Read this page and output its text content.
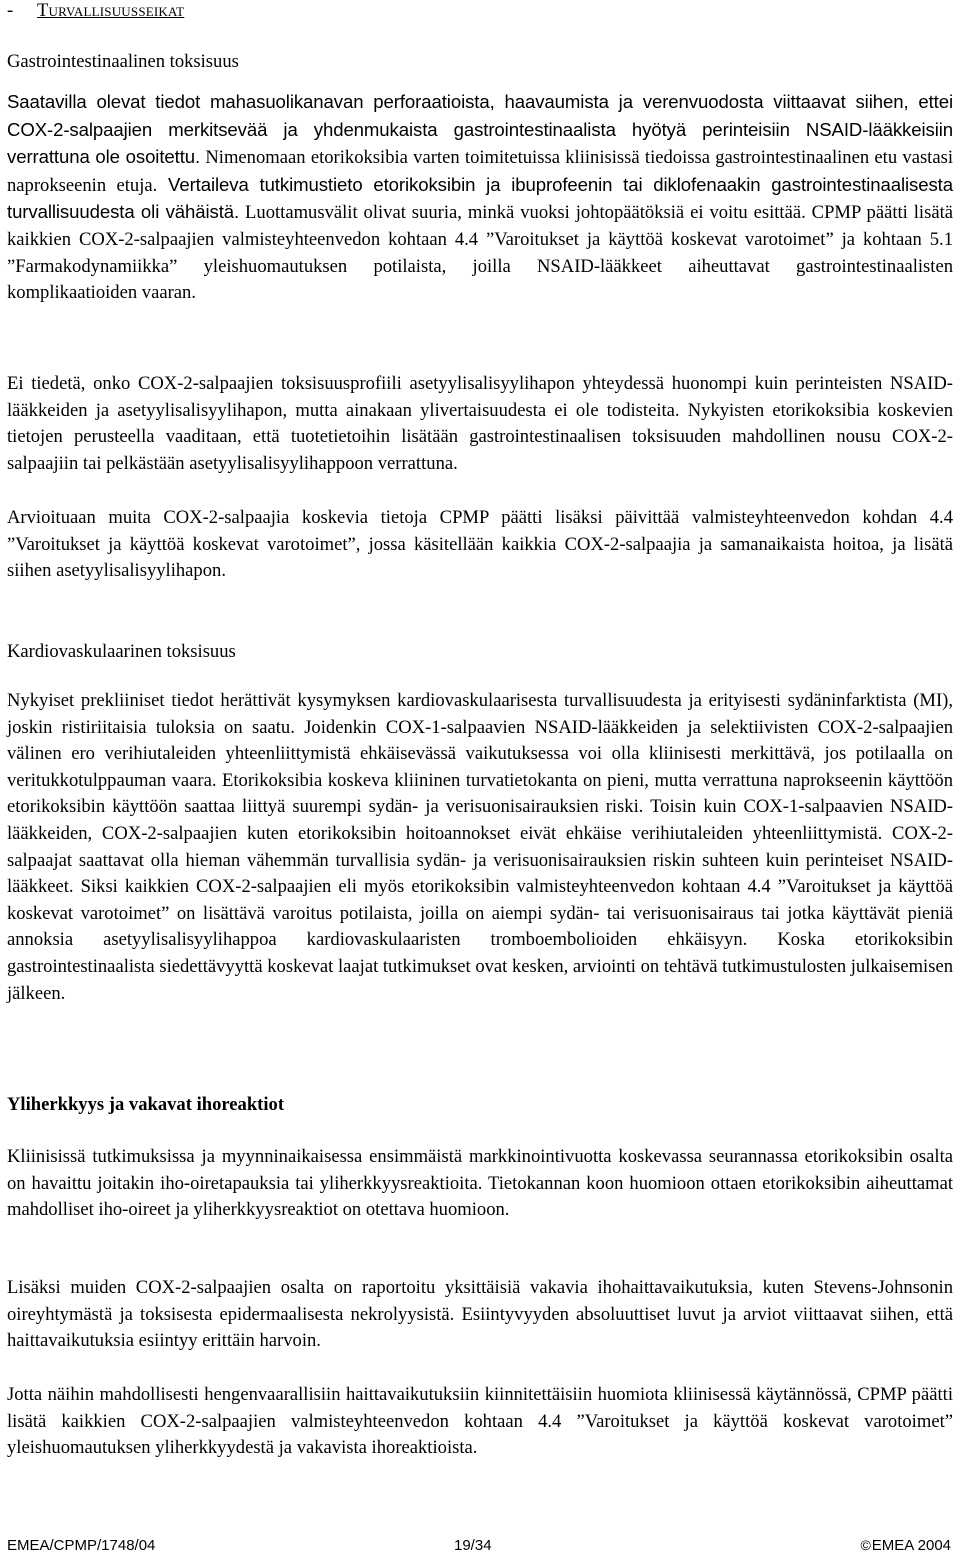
- Turvallisuusseikat
Gastrointestinaalinen toksisuus

Saatavilla olevat tiedot mahasuolikanavan perforaatioista, haavaumista ja verenvuodosta viittaavat siihen, ettei COX-2-salpaajien merkitsevää ja yhdenmukaista gastrointestinaalista hyötyä perinteisiin NSAID-lääkkeisiin verrattuna ole osoitettu. Nimenomaan etorikoksibia varten toimitetuissa kliinisissä tiedoissa gastrointestinaalinen etu vastasi naprokseenin etuja. Vertaileva tutkimustieto etorikoksibin ja ibuprofeenin tai diklofenaakin gastrointestinaalisesta turvallisuudesta oli vähäistä. Luottamusvälit olivat suuria, minkä vuoksi johtopäätöksiä ei voitu esittää. CPMP päätti lisätä kaikkien COX-2-salpaajien valmisteyhteenvedon kohtaan 4.4 ”Varoitukset ja käyttöä koskevat varotoimet” ja kohtaan 5.1 ”Farmakodynamiikka” yleishuomautuksen potilaista, joilla NSAID-lääkkeet aiheuttavat gastrointestinaalisten komplikaatioiden vaaran.

Ei tiedetä, onko COX-2-salpaajien toksisuusprofiili asetyylisalisyylihapon yhteydessä huonompi kuin perinteisten NSAID-lääkkeiden ja asetyylisalisyylihapon, mutta ainakaan ylivertaisuudesta ei ole todisteita. Nykyisten etorikoksibia koskevien tietojen perusteella vaaditaan, että tuotetietoihin lisätään gastrointestinaalisen toksisuuden mahdollinen nousu COX-2-salpaajiin tai pelkästään asetyylisalisyylihappoon verrattuna.

Arvioituaan muita COX-2-salpaajia koskevia tietoja CPMP päätti lisäksi päivittää valmisteyhteenvedon kohdan 4.4 ”Varoitukset ja käyttöä koskevat varotoimet”, jossa käsitellään kaikkia COX-2-salpaajia ja samanaikaista hoitoa, ja lisätä siihen asetyylisalisyylihapon.

Kardiovaskulaarinen toksisuus

Nykyiset prekliiniset tiedot herättivät kysymyksen kardiovaskulaarisesta turvallisuudesta ja erityisesti sydäninfarktista (MI), joskin ristiriitaisia tuloksia on saatu. Joidenkin COX-1-salpaavien NSAID-lääkkeiden ja selektiivisten COX-2-salpaajien välinen ero verihiutaleiden yhteenliittymistä ehkäisevässä vaikutuksessa voi olla kliinisesti merkittävä, jos potilaalla on veritukkotulppauman vaara. Etorikoksibia koskeva kliininen turvatietokanta on pieni, mutta verrattuna naprokseenin käyttöön etorikoksibin käyttöön saattaa liittyä suurempi sydän- ja verisuonisairauksien riski. Toisin kuin COX-1-salpaavien NSAID-lääkkeiden, COX-2-salpaajien kuten etorikoksibin hoitoannokset eivät ehkäise verihiutaleiden yhteenliittymistä. COX-2-salpaajat saattavat olla hieman vähemmän turvallisia sydän- ja verisuonisairauksien riskin suhteen kuin perinteiset NSAID-lääkkeet. Siksi kaikkien COX-2-salpaajien eli myös etorikoksibin valmisteyhteenvedon kohtaan 4.4 ”Varoitukset ja käyttöä koskevat varotoimet” on lisättävä varoitus potilaista, joilla on aiempi sydän- tai verisuonisairaus tai jotka käyttävät pieniä annoksia asetyylisalisyylihappoa kardiovaskulaaristen tromboembolioiden ehkäisyyn. Koska etorikoksibin gastrointestinaalista siedettävyyttä koskevat laajat tutkimukset ovat kesken, arviointi on tehtävä tutkimustulosten julkaisemisen jälkeen.

Yliherkkyys ja vakavat ihoreaktiot

Kliinisissä tutkimuksissa ja myynninaikaisessa ensimmäistä markkinointivuotta koskevassa seurannassa etorikoksibin osalta on havaittu joitakin iho-oiretapauksia tai yliherkkyysreaktioita. Tietokannan koon huomioon ottaen etorikoksibin aiheuttamat mahdolliset iho-oireet ja yliherkkyysreaktiot on otettava huomioon.

Lisäksi muiden COX-2-salpaajien osalta on raportoitu yksittäisiä vakavia ihohaittavaikutuksia, kuten Stevens-Johnsonin oireyhtymästä ja toksisesta epidermaalisesta nekrolyysistä. Esiintyvyyden absoluuttiset luvut ja arviot viittaavat siihen, että haittavaikutuksia esiintyy erittäin harvoin.

Jotta näihin mahdollisesti hengenvaarallisiin haittavaikutuksiin kiinnitettäisiin huomiota kliinisessä käytännössä, CPMP päätti lisätä kaikkien COX-2-salpaajien valmisteyhteenvedon kohtaan 4.4 ”Varoitukset ja käyttöä koskevat varotoimet” yleishuomautuksen yliherkkyydestä ja vakavista ihoreaktioista.

EMEA/CPMP/1748/04	19/34	©EMEA 2004
